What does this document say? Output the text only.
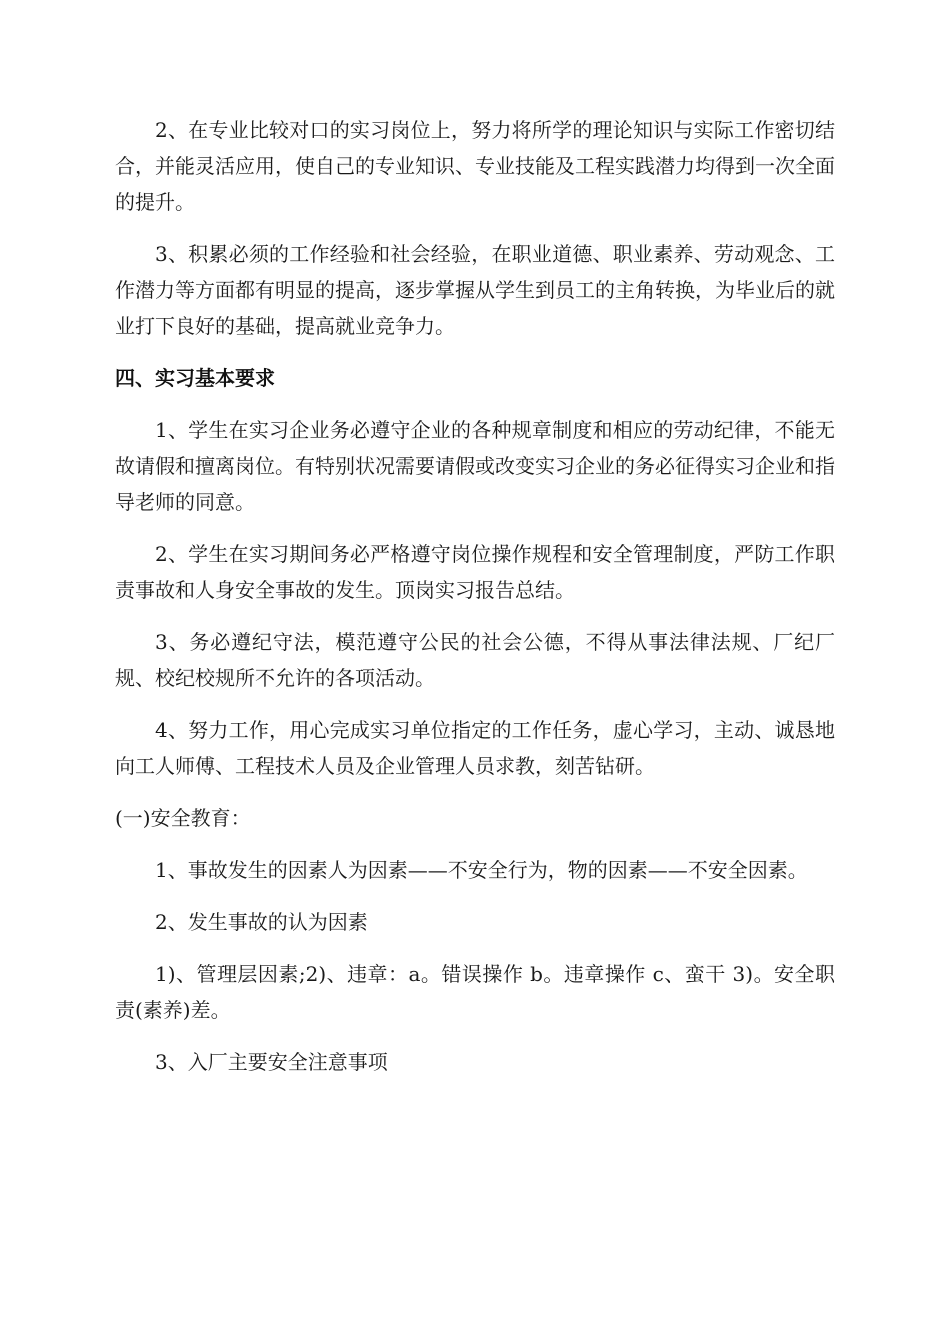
2、在专业比较对口的实习岗位上，努力将所学的理论知识与实际工作密切结合，并能灵活应用，使自己的专业知识、专业技能及工程实践潜力均得到一次全面的提升。

3、积累必须的工作经验和社会经验，在职业道德、职业素养、劳动观念、工作潜力等方面都有明显的提高，逐步掌握从学生到员工的主角转换，为毕业后的就业打下良好的基础，提高就业竞争力。

四、实习基本要求

1、学生在实习企业务必遵守企业的各种规章制度和相应的劳动纪律，不能无故请假和擅离岗位。有特别状况需要请假或改变实习企业的务必征得实习企业和指导老师的同意。

2、学生在实习期间务必严格遵守岗位操作规程和安全管理制度，严防工作职责事故和人身安全事故的发生。顶岗实习报告总结。

3、务必遵纪守法，模范遵守公民的社会公德，不得从事法律法规、厂纪厂规、校纪校规所不允许的各项活动。

4、努力工作，用心完成实习单位指定的工作任务，虚心学习，主动、诚恳地向工人师傅、工程技术人员及企业管理人员求教，刻苦钻研。

(一)安全教育：

1、事故发生的因素人为因素——不安全行为，物的因素——不安全因素。

2、发生事故的认为因素

1)、管理层因素;2)、违章：a。错误操作 b。违章操作 c、蛮干 3)。安全职责(素养)差。

3、入厂主要安全注意事项
